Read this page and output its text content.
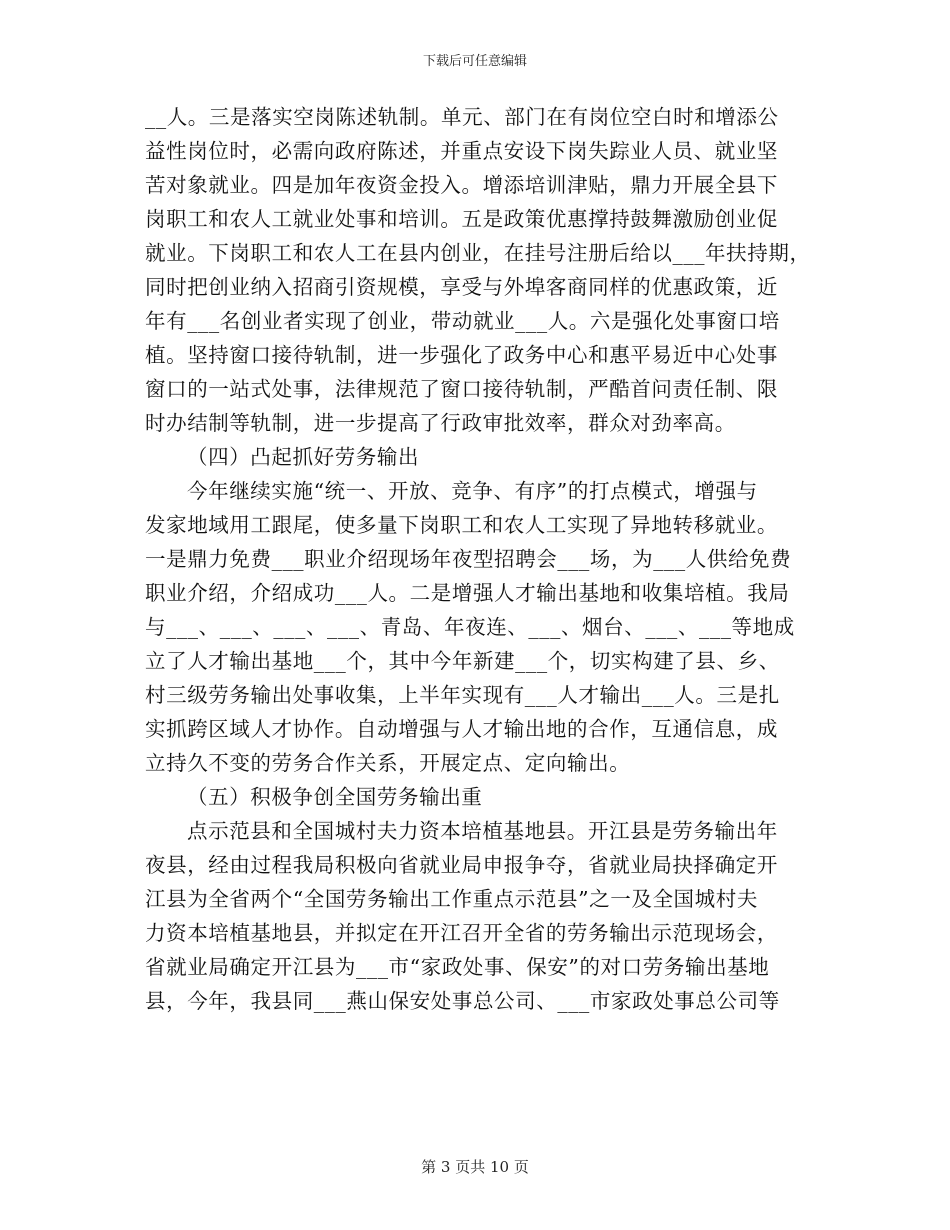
下载后可任意编辑
__人。三是落实空岗陈述轨制。单元、部门在有岗位空白时和增添公
益性岗位时，必需向政府陈述，并重点安设下岗失踪业人员、就业坚
苦对象就业。四是加年夜资金投入。增添培训津贴，鼎力开展全县下
岗职工和农人工就业处事和培训。五是政策优惠撑持鼓舞激励创业促
就业。下岗职工和农人工在县内创业，在挂号注册后给以___年扶持期，
同时把创业纳入招商引资规模，享受与外埠客商同样的优惠政策，近
年有___名创业者实现了创业，带动就业___人。六是强化处事窗口培
植。坚持窗口接待轨制，进一步强化了政务中心和惠平易近中心处事
窗口的一站式处事，法律规范了窗口接待轨制，严酷首问责任制、限
时办结制等轨制，进一步提高了行政审批效率，群众对劲率高。
（四）凸起抓好劳务输出
今年继续实施“统一、开放、竞争、有序”的打点模式，增强与
发家地域用工跟尾，使多量下岗职工和农人工实现了异地转移就业。
一是鼎力免费___职业介绍现场年夜型招聘会___场，为___人供给免费
职业介绍，介绍成功___人。二是增强人才输出基地和收集培植。我局
与___、___、___、___、青岛、年夜连、___、烟台、___、___等地成
立了人才输出基地___个，其中今年新建___个，切实构建了县、乡、
村三级劳务输出处事收集，上半年实现有___人才输出___人。三是扎
实抓跨区域人才协作。自动增强与人才输出地的合作，互通信息，成
立持久不变的劳务合作关系，开展定点、定向输出。
（五）积极争创全国劳务输出重
点示范县和全国城村夫力资本培植基地县。开江县是劳务输出年
夜县，经由过程我局积极向省就业局申报争夺，省就业局抉择确定开
江县为全省两个“全国劳务输出工作重点示范县”之一及全国城村夫
力资本培植基地县，并拟定在开江召开全省的劳务输出示范现场会，
省就业局确定开江县为___市“家政处事、保安”的对口劳务输出基地
县，今年，我县同___燕山保安处事总公司、___市家政处事总公司等
第 3 页共 10 页
